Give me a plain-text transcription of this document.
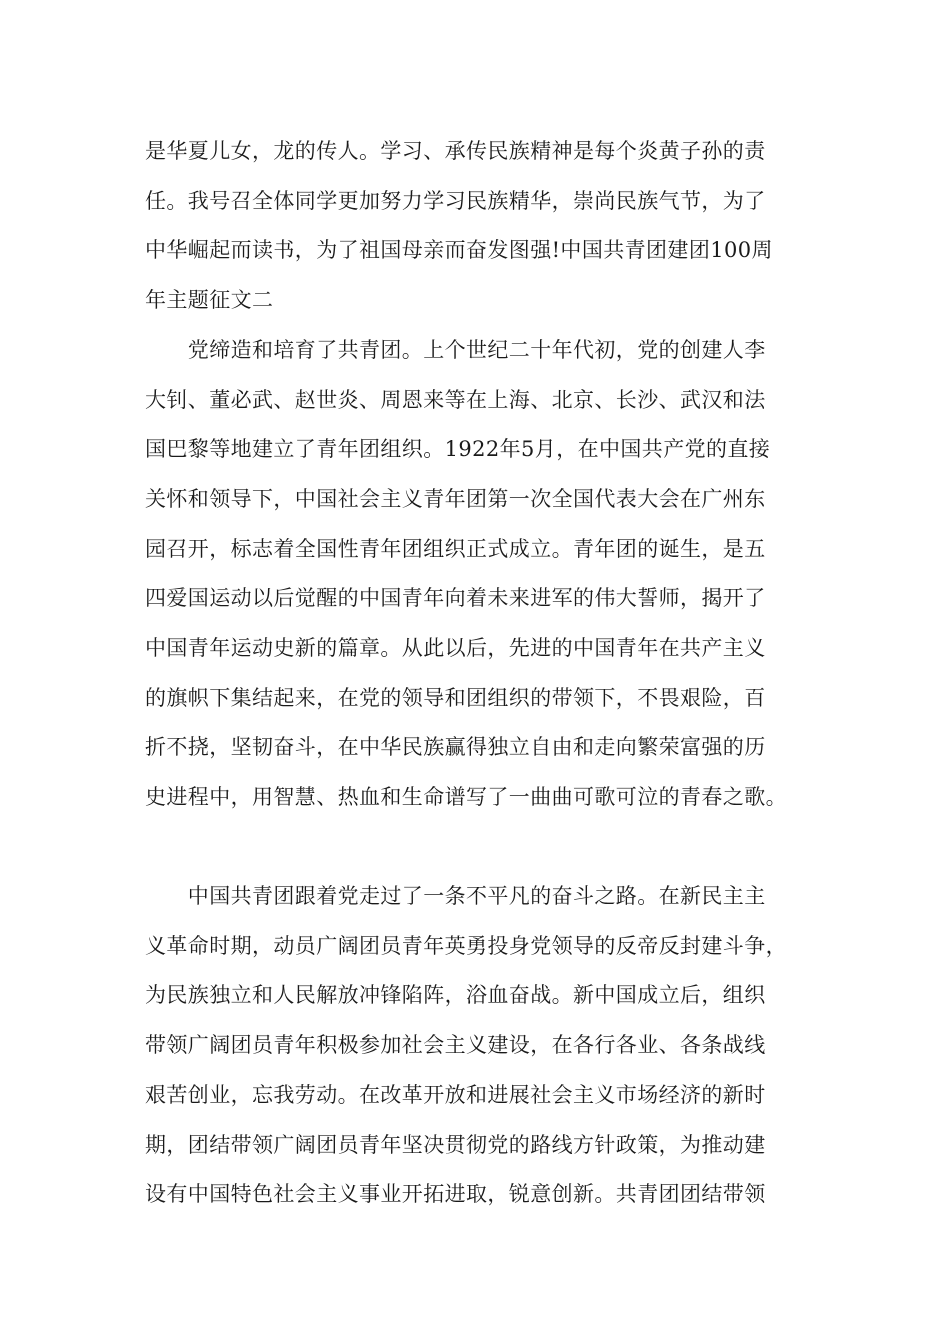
是华夏儿女，龙的传人。学习、承传民族精神是每个炎黄子孙的责
任。我号召全体同学更加努力学习民族精华，崇尚民族气节，为了
中华崛起而读书，为了祖国母亲而奋发图强!中国共青团建团100周
年主题征文二
　　党缔造和培育了共青团。上个世纪二十年代初，党的创建人李
大钊、董必武、赵世炎、周恩来等在上海、北京、长沙、武汉和法
国巴黎等地建立了青年团组织。1922年5月，在中国共产党的直接
关怀和领导下，中国社会主义青年团第一次全国代表大会在广州东
园召开，标志着全国性青年团组织正式成立。青年团的诞生，是五
四爱国运动以后觉醒的中国青年向着未来进军的伟大誓师，揭开了
中国青年运动史新的篇章。从此以后，先进的中国青年在共产主义
的旗帜下集结起来，在党的领导和团组织的带领下，不畏艰险，百
折不挠，坚韧奋斗，在中华民族赢得独立自由和走向繁荣富强的历
史进程中，用智慧、热血和生命谱写了一曲曲可歌可泣的青春之歌。
　　中国共青团跟着党走过了一条不平凡的奋斗之路。在新民主主
义革命时期，动员广阔团员青年英勇投身党领导的反帝反封建斗争，
为民族独立和人民解放冲锋陷阵，浴血奋战。新中国成立后，组织
带领广阔团员青年积极参加社会主义建设，在各行各业、各条战线
艰苦创业，忘我劳动。在改革开放和进展社会主义市场经济的新时
期，团结带领广阔团员青年坚决贯彻党的路线方针政策，为推动建
设有中国特色社会主义事业开拓进取，锐意创新。共青团团结带领
